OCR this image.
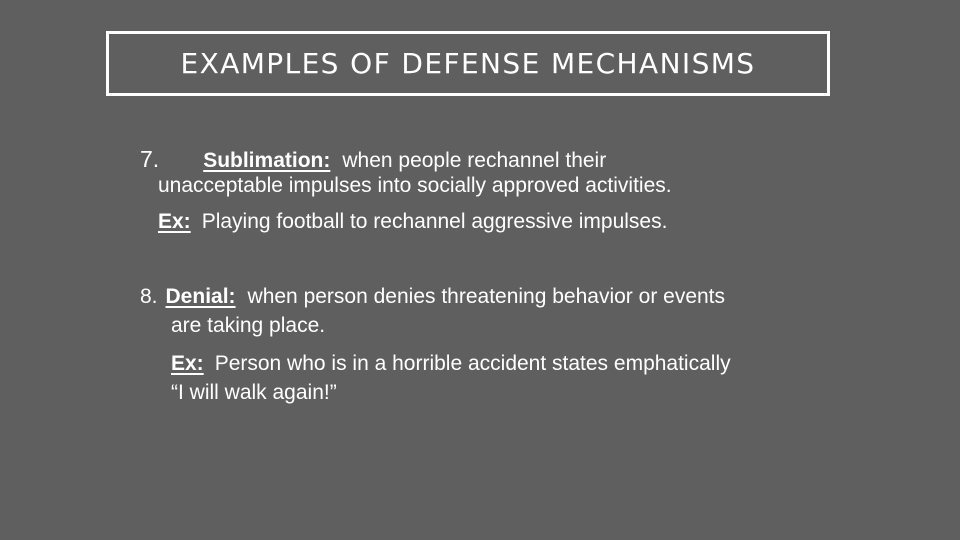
EXAMPLES OF DEFENSE MECHANISMS
7. Sublimation: when people rechannel their
unacceptable impulses into socially approved activities.
Ex: Playing football to rechannel aggressive impulses.
8. Denial: when person denies threatening behavior or events
are taking place.
Ex: Person who is in a horrible accident states emphatically
“I will walk again!”
